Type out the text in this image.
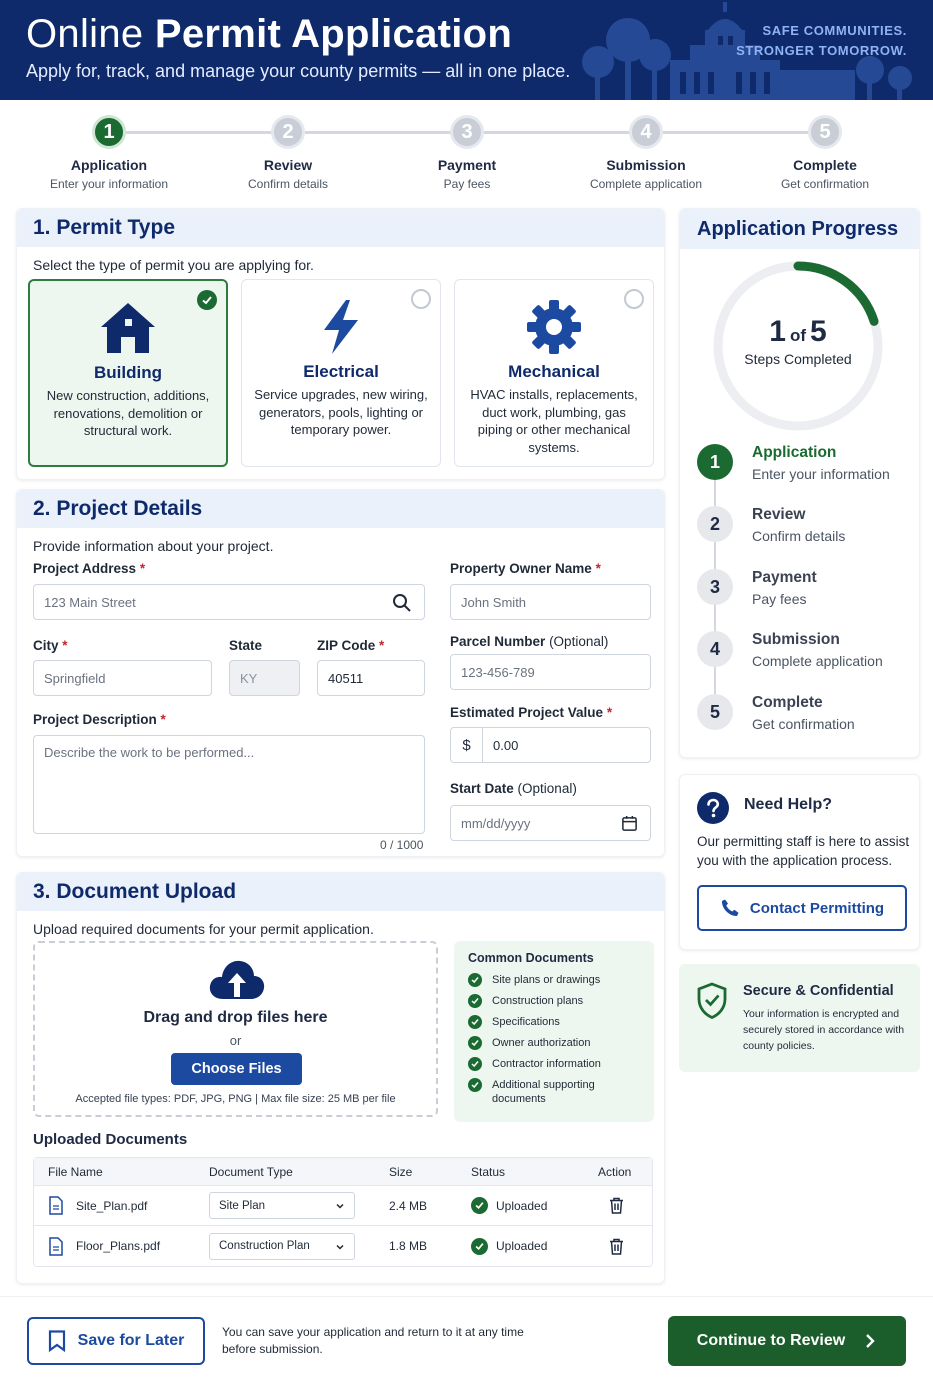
Online Permit Application
Apply for, track, and manage your county permits — all in one place.
SAFE COMMUNITIES.
STRONGER TOMORROW.
1
Application
Enter your information
2
Review
Confirm details
3
Payment
Pay fees
4
Submission
Complete application
5
Complete
Get confirmation
1. Permit Type
Select the type of permit you are applying for.
Building
New construction, additions, renovations, demolition or structural work.
Electrical
Service upgrades, new wiring, generators, pools, lighting or temporary power.
Mechanical
HVAC installs, replacements, duct work, plumbing, gas piping or other mechanical systems.
2. Project Details
Provide information about your project.
Project Address *
123 Main Street
City *
Springfield
State
KY
ZIP Code *
40511
Project Description *
Describe the work to be performed...
0 / 1000
Property Owner Name *
John Smith
Parcel Number (Optional)
123-456-789
Estimated Project Value *
$	0.00
Start Date (Optional)
mm/dd/yyyy
3. Document Upload
Upload required documents for your permit application.
Drag and drop files here
or
Choose Files
Accepted file types: PDF, JPG, PNG | Max file size: 25 MB per file
Common Documents
Site plans or drawings
Construction plans
Specifications
Owner authorization
Contractor information
Additional supporting documents
Uploaded Documents
File Name	Document Type	Size	Status	Action
Site_Plan.pdf	Site Plan	2.4 MB	Uploaded
Floor_Plans.pdf	Construction Plan	1.8 MB	Uploaded
Application Progress
1 of 5
Steps Completed
1	Application
Enter your information
2	Review
Confirm details
3	Payment
Pay fees
4	Submission
Complete application
5	Complete
Get confirmation
Need Help?
Our permitting staff is here to assist you with the application process.
Contact Permitting
Secure & Confidential
Your information is encrypted and securely stored in accordance with county policies.
Save for Later	You can save your application and return to it at any time before submission.	Continue to Review
